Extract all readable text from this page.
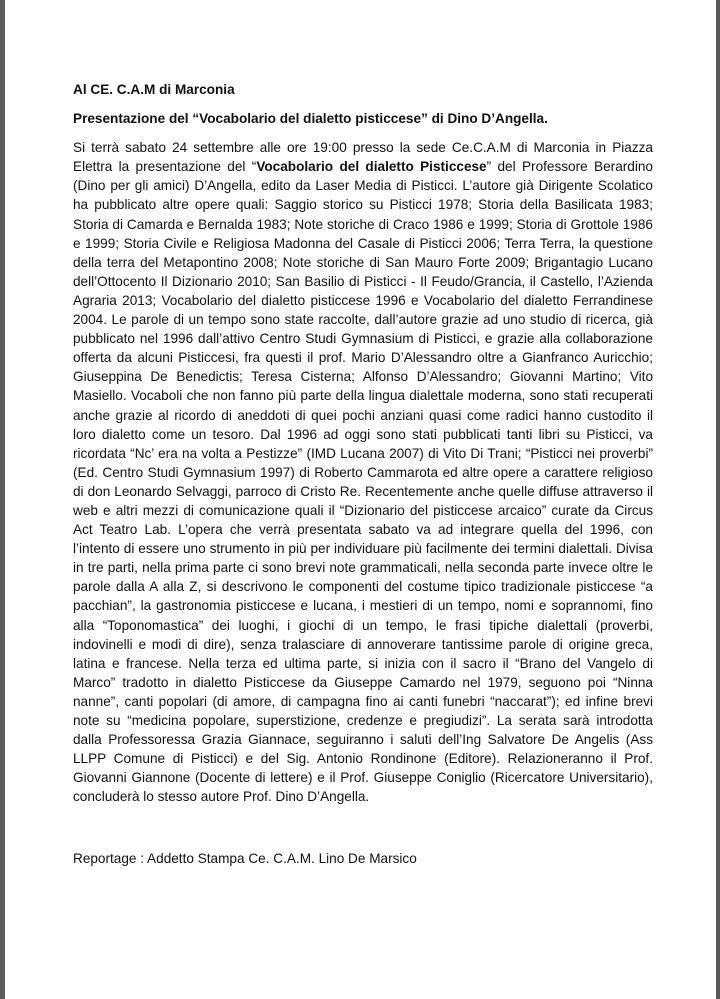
Al CE. C.A.M di Marconia

Presentazione del “Vocabolario del dialetto pisticcese” di Dino D’Angella.

Si terrà sabato 24 settembre alle ore 19:00 presso la sede Ce.C.A.M di Marconia in Piazza Elettra la presentazione del “Vocabolario del dialetto Pisticcese” del Professore Berardino (Dino per gli amici) D’Angella, edito da Laser Media di Pisticci. L’autore già Dirigente Scolatico ha pubblicato altre opere quali: Saggio storico su Pisticci 1978; Storia della Basilicata 1983; Storia di Camarda e Bernalda 1983; Note storiche di Craco 1986 e 1999; Storia di Grottole 1986 e 1999; Storia Civile e Religiosa Madonna del Casale di Pisticci 2006; Terra Terra, la questione della terra del Metapontino 2008; Note storiche di San Mauro Forte 2009; Brigantagio Lucano dell’Ottocento Il Dizionario 2010; San Basilio di Pisticci - Il Feudo/Grancia, il Castello, l’Azienda Agraria 2013; Vocabolario del dialetto pisticcese 1996 e Vocabolario del dialetto Ferrandinese 2004. Le parole di un tempo sono state raccolte, dall’autore grazie ad uno studio di ricerca, già pubblicato nel 1996 dall’attivo Centro Studi Gymnasium di Pisticci, e grazie alla collaborazione offerta da alcuni Pisticcesi, fra questi il prof. Mario D’Alessandro oltre a Gianfranco Auricchio; Giuseppina De Benedictis; Teresa Cisterna; Alfonso D’Alessandro; Giovanni Martino; Vito Masiello. Vocaboli che non fanno più parte della lingua dialettale moderna, sono stati recuperati anche grazie al ricordo di aneddoti di quei pochi anziani quasi come radici hanno custodito il loro dialetto come un tesoro. Dal 1996 ad oggi sono stati pubblicati tanti libri su Pisticci, va ricordata “Nc’ era na volta a Pestizze” (IMD Lucana 2007) di Vito Di Trani; “Pisticci nei proverbi” (Ed. Centro Studi Gymnasium 1997) di Roberto Cammarota ed altre opere a carattere religioso di don Leonardo Selvaggi, parroco di Cristo Re. Recentemente anche quelle diffuse attraverso il web e altri mezzi di comunicazione quali il “Dizionario del pisticcese arcaico” curate da Circus Act Teatro Lab. L’opera che verrà presentata sabato va ad integrare quella del 1996, con l’intento di essere uno strumento in più per individuare più facilmente dei termini dialettali. Divisa in tre parti, nella prima parte ci sono brevi note grammaticali, nella seconda parte invece oltre le parole dalla A alla Z, si descrivono le componenti del costume tipico tradizionale pisticcese “a pacchian”, la gastronomia pisticcese e lucana, i mestieri di un tempo, nomi e soprannomi, fino alla “Toponomastica” dei luoghi, i giochi di un tempo, le frasi tipiche dialettali (proverbi, indovinelli e modi di dire), senza tralasciare di annoverare tantissime parole di origine greca, latina e francese. Nella terza ed ultima parte, si inizia con il sacro il “Brano del Vangelo di Marco” tradotto in dialetto Pisticcese da Giuseppe Camardo nel 1979, seguono poi “Ninna nanne”, canti popolari (di amore, di campagna fino ai canti funebri “naccarat”); ed infine brevi note su “medicina popolare, superstizione, credenze e pregiudizi”. La serata sarà introdotta dalla Professoressa Grazia Giannace, seguiranno i saluti dell’Ing Salvatore De Angelis (Ass LLPP Comune di Pisticci) e del Sig. Antonio Rondinone (Editore). Relazioneranno il Prof. Giovanni Giannone (Docente di lettere) e il Prof. Giuseppe Coniglio (Ricercatore Universitario), concluderà lo stesso autore Prof. Dino D’Angella.

Reportage : Addetto Stampa Ce. C.A.M. Lino De Marsico
